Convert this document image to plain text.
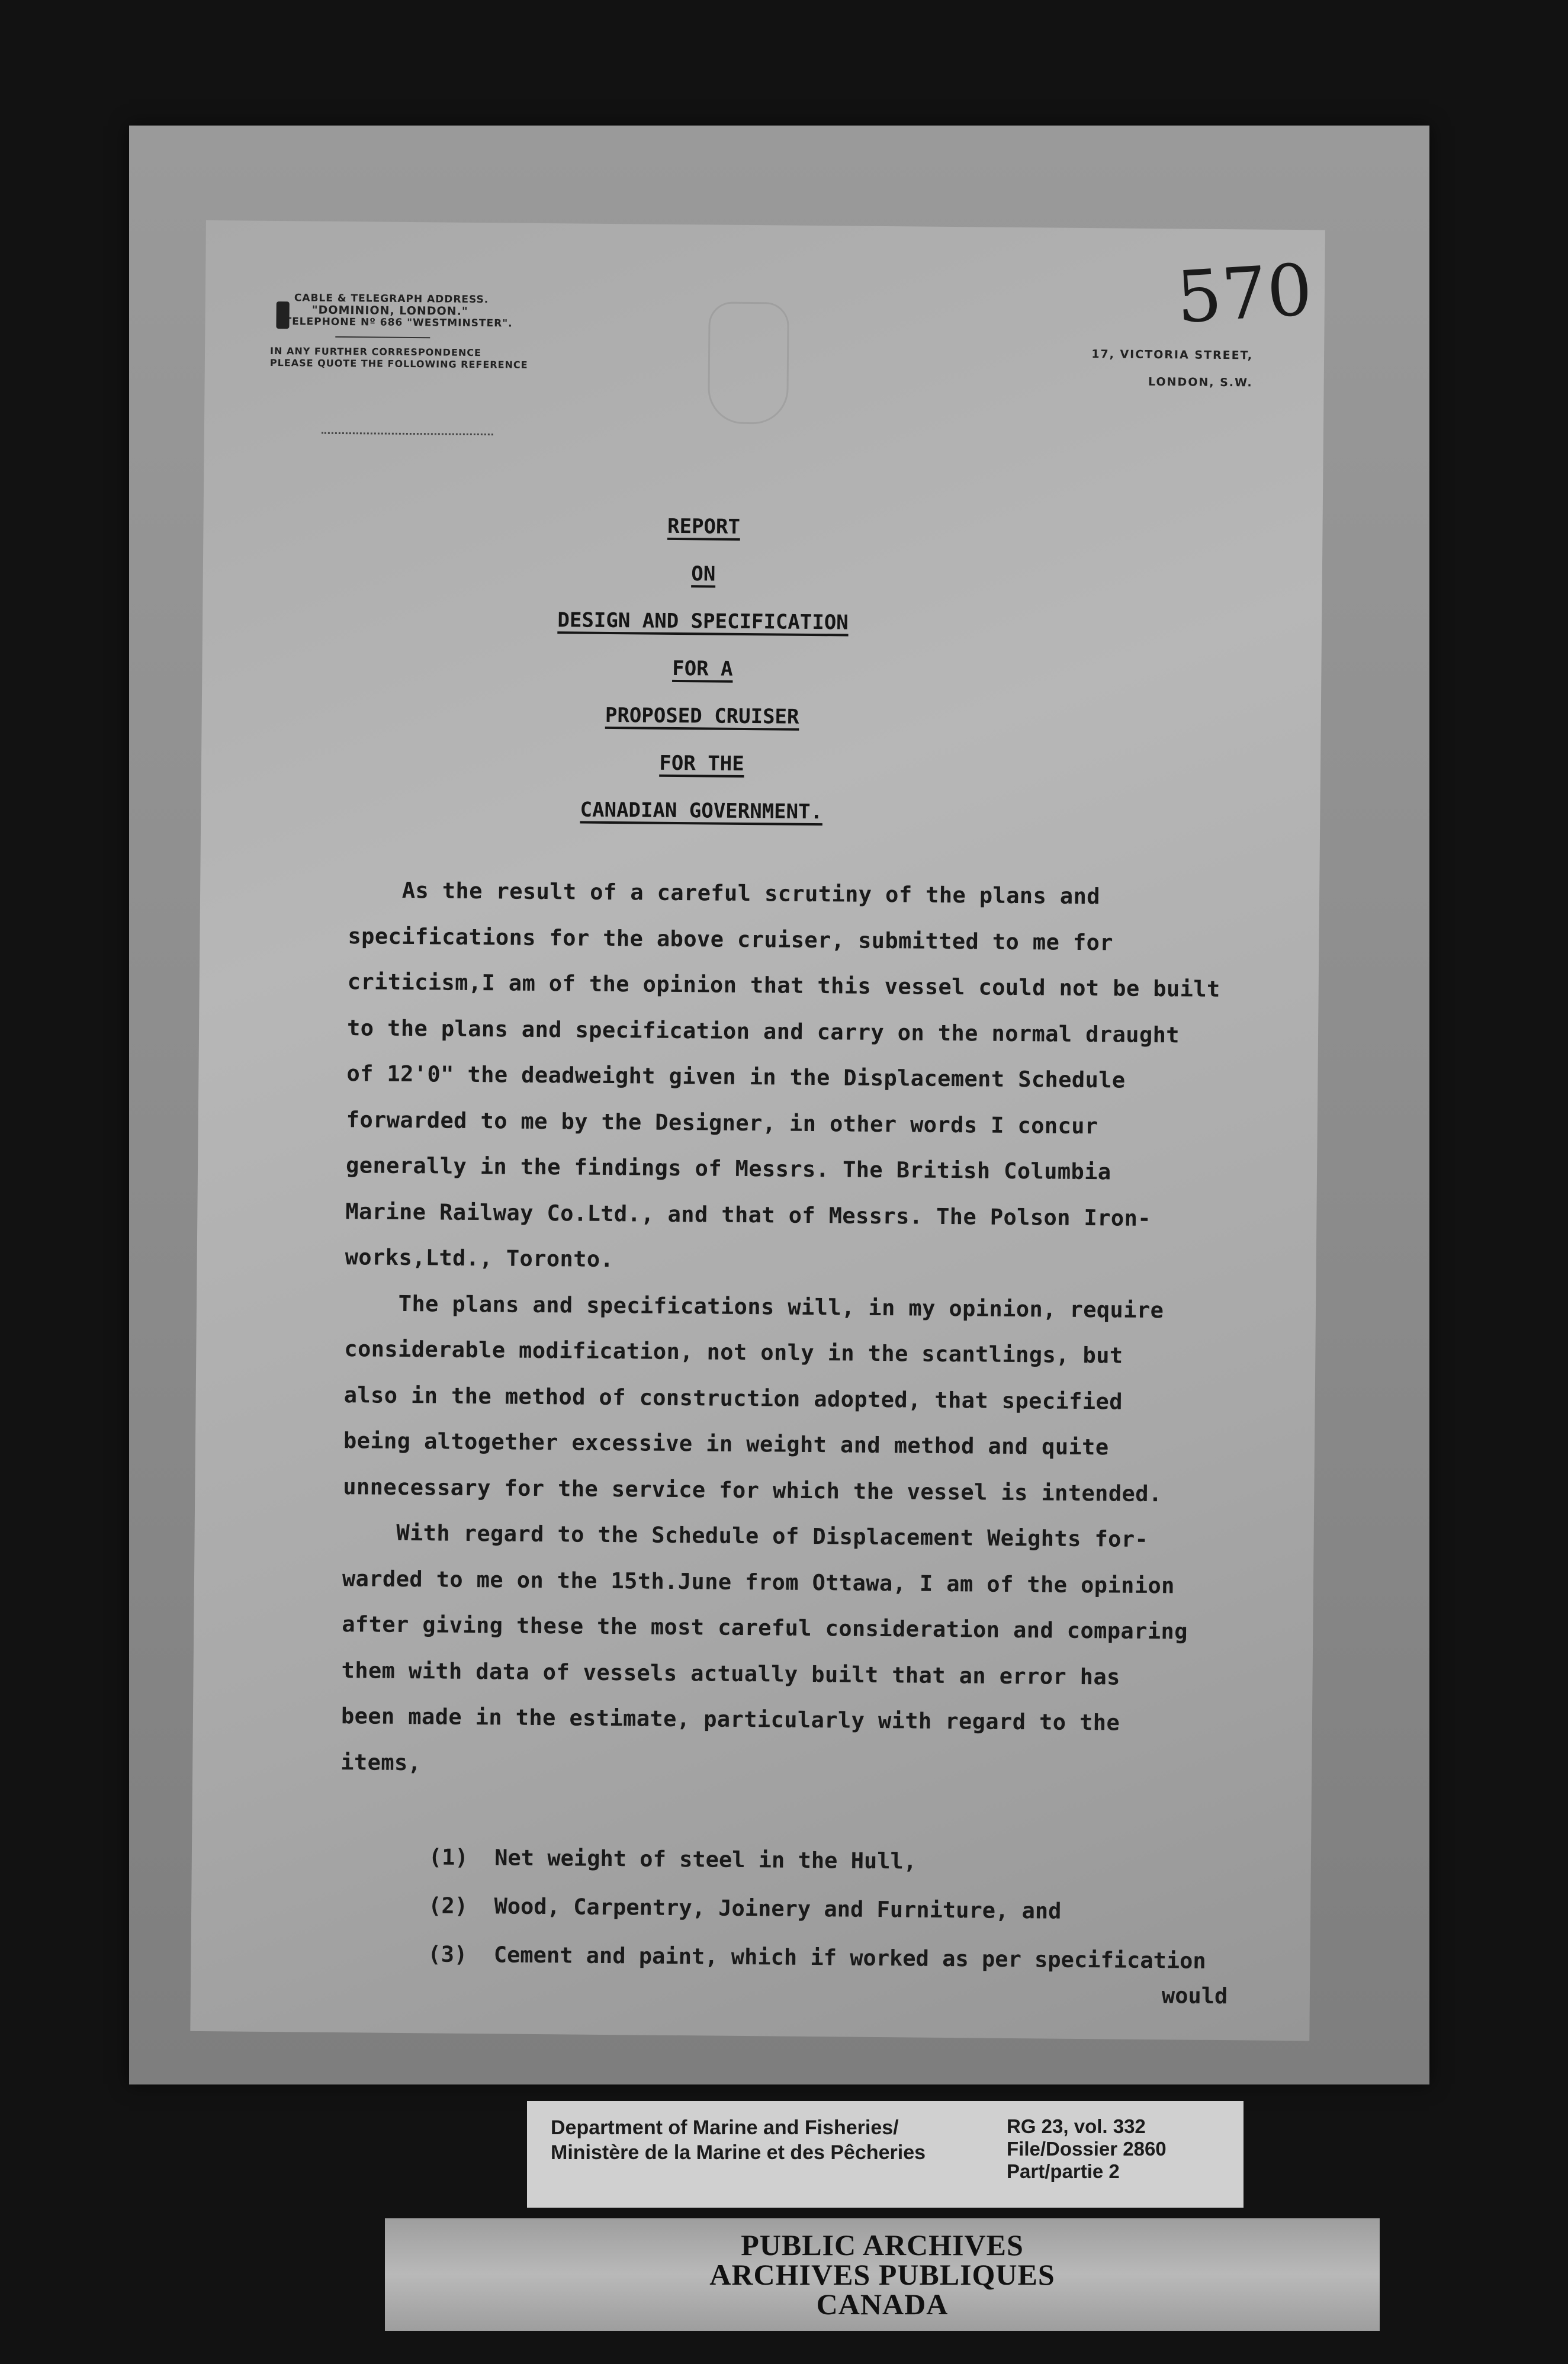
CABLE & TELEGRAPH ADDRESS.
"DOMINION, LONDON."
TELEPHONE Nº 686 "WESTMINSTER".
IN ANY FURTHER CORRESPONDENCE
PLEASE QUOTE THE FOLLOWING REFERENCE
570
17, VICTORIA STREET,
LONDON, S.W.
REPORT
ON
DESIGN AND SPECIFICATION
FOR A
PROPOSED CRUISER
FOR THE
CANADIAN GOVERNMENT.
As the result of a careful scrutiny of the plans and
specifications for the above cruiser, submitted to me for
criticism,I am of the opinion that this vessel could not be built
to the plans and specification and carry on the normal draught
of 12'0" the deadweight given in the Displacement Schedule
forwarded to me by the Designer, in other words I concur
generally in the findings of Messrs. The British Columbia
Marine Railway Co.Ltd., and that of Messrs. The Polson Iron-
works,Ltd., Toronto.
The plans and specifications will, in my opinion, require
considerable modification, not only in the scantlings, but
also in the method of construction adopted, that specified
being altogether excessive in weight and method and quite
unnecessary for the service for which the vessel is intended.
With regard to the Schedule of Displacement Weights for-
warded to me on the 15th.June from Ottawa, I am of the opinion
after giving these the most careful consideration and comparing
them with data of vessels actually built that an error has
been made in the estimate, particularly with regard to the
items,
(1)  Net weight of steel in the Hull,
(2)  Wood, Carpentry, Joinery and Furniture, and
(3)  Cement and paint, which if worked as per specification
would
Department of Marine and Fisheries/
Ministère de la Marine et des Pêcheries
RG 23, vol. 332
File/Dossier 2860
Part/partie 2
PUBLIC ARCHIVES
ARCHIVES PUBLIQUES
CANADA
